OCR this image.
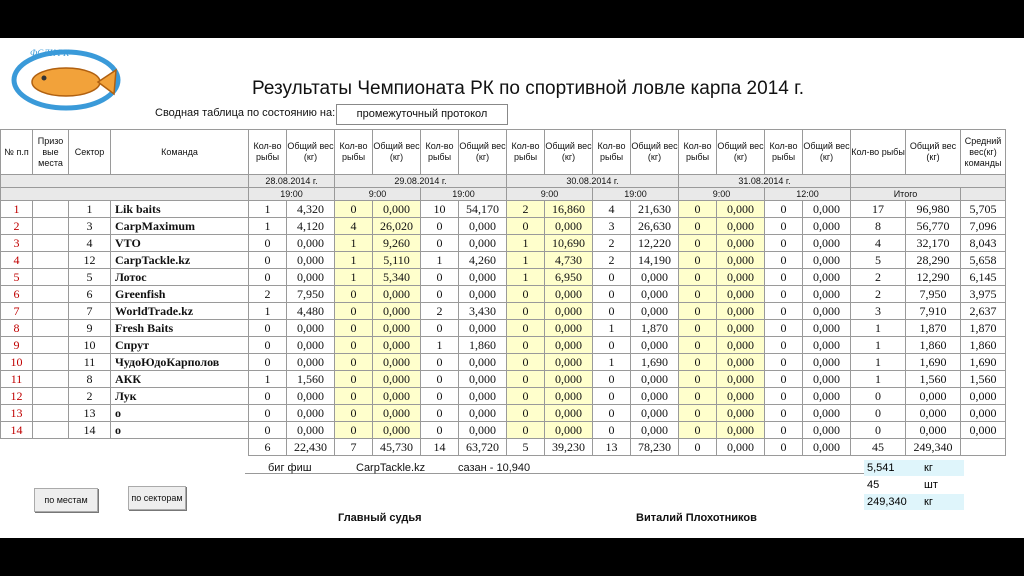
ФСЛК РК
Результаты Чемпионата РК по спортивной ловле карпа 2014 г.
Сводная таблица по состоянию на:	промежуточный протокол
№ п.п	Призо вые места	Сектор	Команда	Кол-во рыбы	Общий вес (кг)	Кол-во рыбы	Общий вес (кг)	Кол-во рыбы	Общий вес (кг)	Кол-во рыбы	Общий вес (кг)	Кол-во рыбы	Общий вес (кг)	Кол-во рыбы	Общий вес (кг)	Кол-во рыбы	Общий вес (кг)	Кол-во рыбы	Общий вес (кг)	Средний вес(кг) команды
				28.08.2014 г.		29.08.2014 г.				30.08.2014 г.				31.08.2014 г.						
				19:00		9:00		19:00		9:00		19:00		9:00		12:00		Итого		
1		1	Lik baits	1	4,320	0	0,000	10	54,170	2	16,860	4	21,630	0	0,000	0	0,000	17	96,980	5,705
2		3	CarpMaximum	1	4,120	4	26,020	0	0,000	0	0,000	3	26,630	0	0,000	0	0,000	8	56,770	7,096
3		4	VTO	0	0,000	1	9,260	0	0,000	1	10,690	2	12,220	0	0,000	0	0,000	4	32,170	8,043
4		12	CarpTackle.kz	0	0,000	1	5,110	1	4,260	1	4,730	2	14,190	0	0,000	0	0,000	5	28,290	5,658
5		5	Лотос	0	0,000	1	5,340	0	0,000	1	6,950	0	0,000	0	0,000	0	0,000	2	12,290	6,145
6		6	Greenfish	2	7,950	0	0,000	0	0,000	0	0,000	0	0,000	0	0,000	0	0,000	2	7,950	3,975
7		7	WorldTrade.kz	1	4,480	0	0,000	2	3,430	0	0,000	0	0,000	0	0,000	0	0,000	3	7,910	2,637
8		9	Fresh Baits	0	0,000	0	0,000	0	0,000	0	0,000	1	1,870	0	0,000	0	0,000	1	1,870	1,870
9		10	Спрут	0	0,000	0	0,000	1	1,860	0	0,000	0	0,000	0	0,000	0	0,000	1	1,860	1,860
10		11	ЧудоЮдоКарполов	0	0,000	0	0,000	0	0,000	0	0,000	1	1,690	0	0,000	0	0,000	1	1,690	1,690
11		8	АКК	1	1,560	0	0,000	0	0,000	0	0,000	0	0,000	0	0,000	0	0,000	1	1,560	1,560
12		2	Лук	0	0,000	0	0,000	0	0,000	0	0,000	0	0,000	0	0,000	0	0,000	0	0,000	0,000
13		13	о	0	0,000	0	0,000	0	0,000	0	0,000	0	0,000	0	0,000	0	0,000	0	0,000	0,000
14		14	о	0	0,000	0	0,000	0	0,000	0	0,000	0	0,000	0	0,000	0	0,000	0	0,000	0,000
				6	22,430	7	45,730	14	63,720	5	39,230	13	78,230	0	0,000	0	0,000	45	249,340	
биг фиш	CarpTackle.kz	сазан - 10,940	5,541	кг
45	шт
249,340	кг
по местам	по секторам
Главный судья	Виталий Плохотников
